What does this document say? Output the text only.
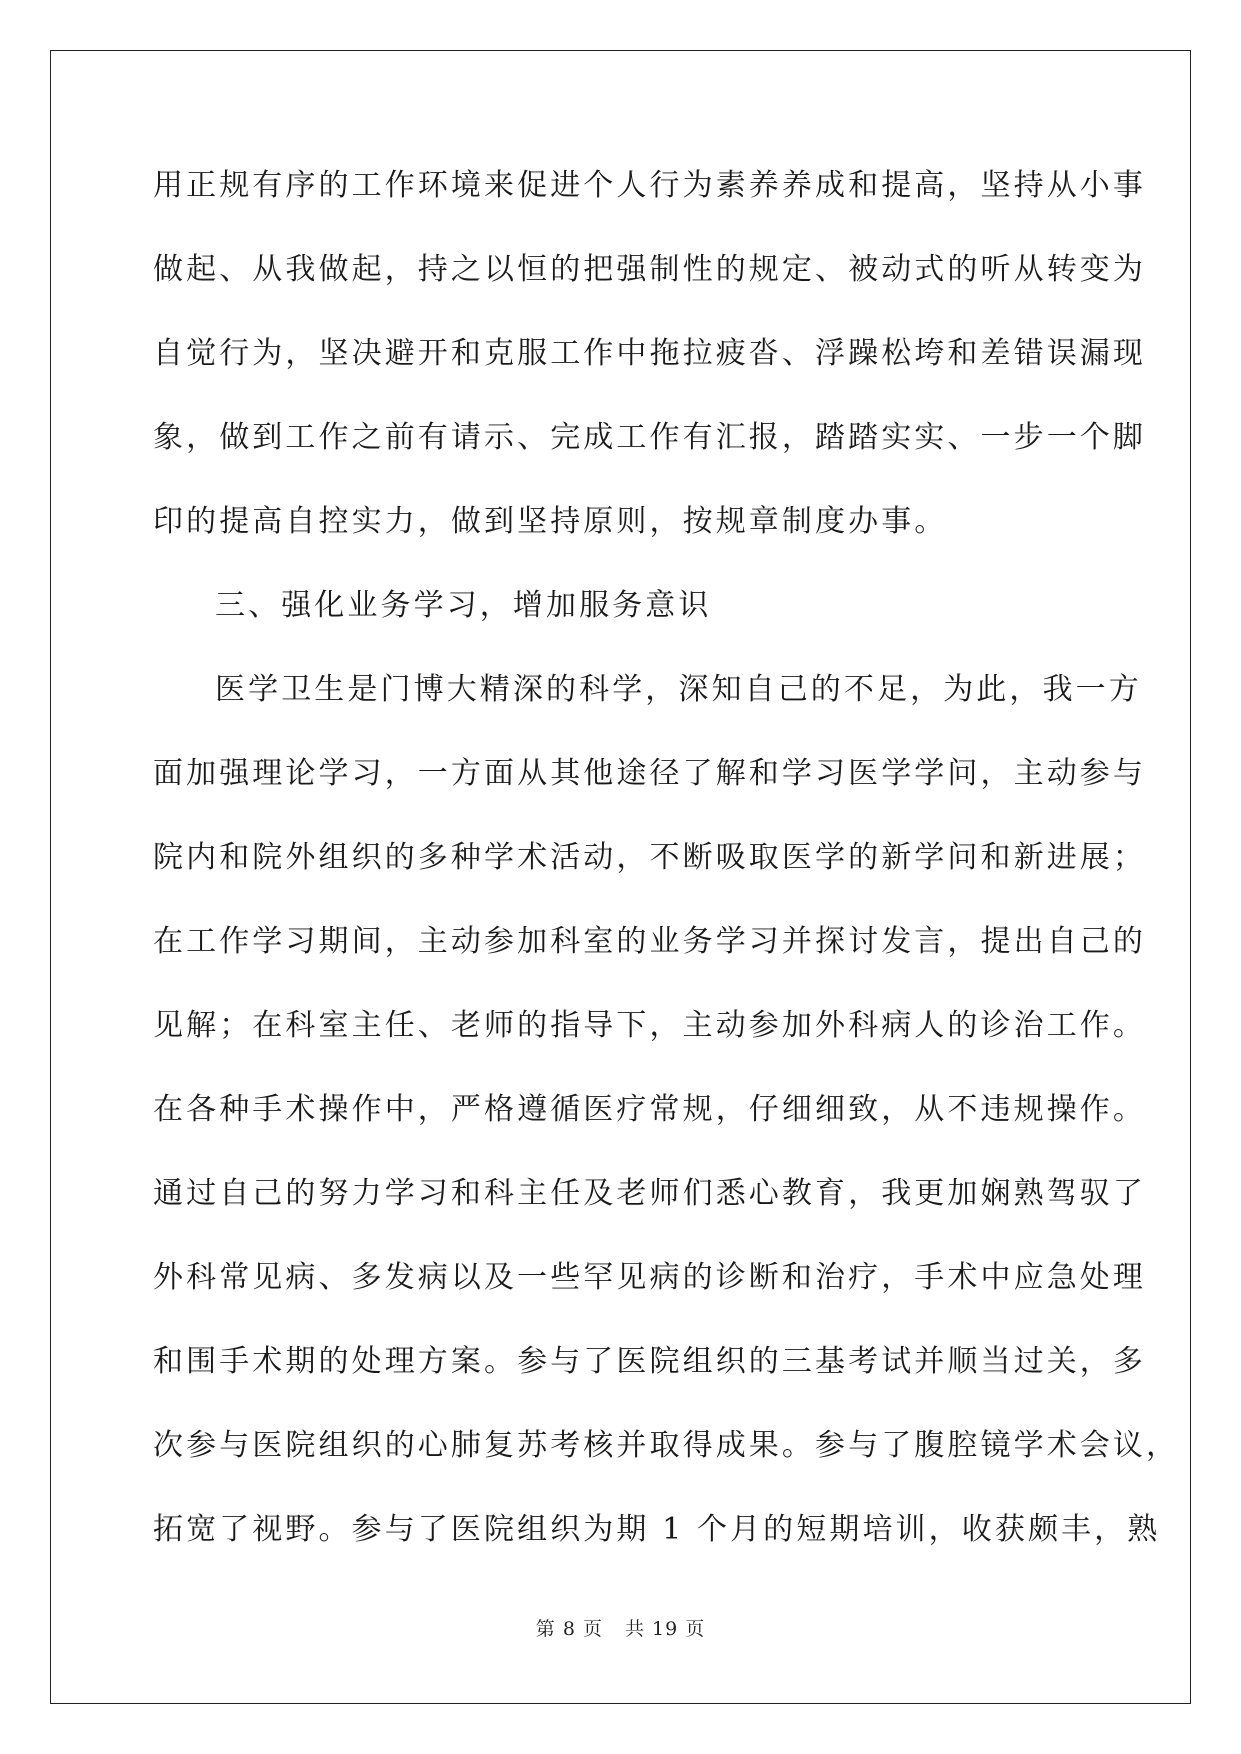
用正规有序的工作环境来促进个人行为素养养成和提高，坚持从小事
做起、从我做起，持之以恒的把强制性的规定、被动式的听从转变为
自觉行为，坚决避开和克服工作中拖拉疲沓、浮躁松垮和差错误漏现
象，做到工作之前有请示、完成工作有汇报，踏踏实实、一步一个脚
印的提高自控实力，做到坚持原则，按规章制度办事。
三、强化业务学习，增加服务意识
医学卫生是门博大精深的科学，深知自己的不足，为此，我一方
面加强理论学习，一方面从其他途径了解和学习医学学问，主动参与
院内和院外组织的多种学术活动，不断吸取医学的新学问和新进展；
在工作学习期间，主动参加科室的业务学习并探讨发言，提出自己的
见解；在科室主任、老师的指导下，主动参加外科病人的诊治工作。
在各种手术操作中，严格遵循医疗常规，仔细细致，从不违规操作。
通过自己的努力学习和科主任及老师们悉心教育，我更加娴熟驾驭了
外科常见病、多发病以及一些罕见病的诊断和治疗，手术中应急处理
和围手术期的处理方案。参与了医院组织的三基考试并顺当过关，多
次参与医院组织的心肺复苏考核并取得成果。参与了腹腔镜学术会议，
拓宽了视野。参与了医院组织为期 1 个月的短期培训，收获颇丰，熟
第 8 页 共 19 页
